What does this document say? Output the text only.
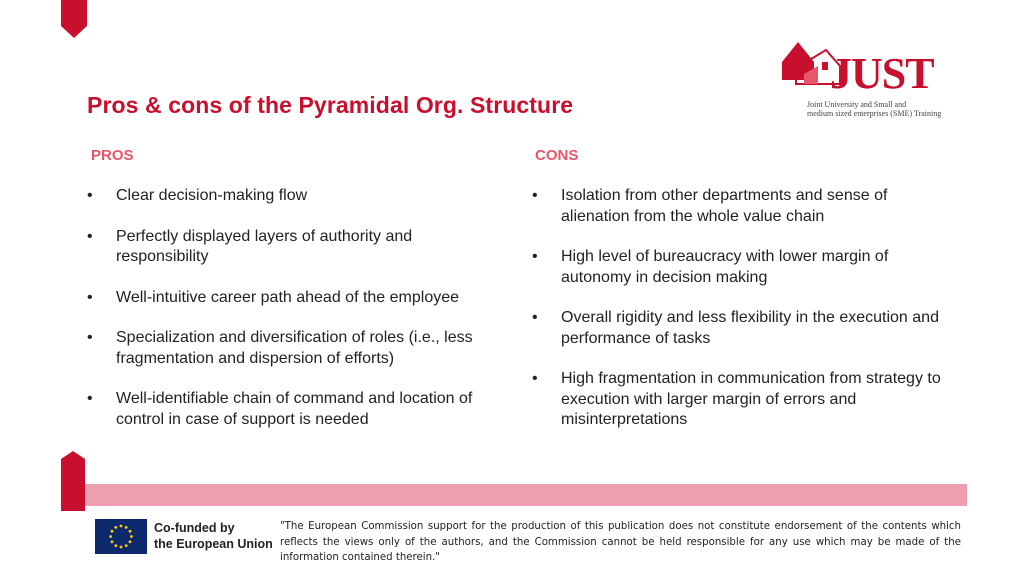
Pros & cons of the Pyramidal Org. Structure

JUST

Joint University and Small and
medium sized enterprises (SME) Training

PROS
• Clear decision-making flow
• Perfectly displayed layers of authority and responsibility
• Well-intuitive career path ahead of the employee
• Specialization and diversification of roles (i.e., less fragmentation and dispersion of efforts)
• Well-identifiable chain of command and location of control in case of support is needed
CONS
• Isolation from other departments and sense of alienation from the whole value chain
• High level of bureaucracy with lower margin of autonomy in decision making
• Overall rigidity and less flexibility in the execution and performance of tasks
• High fragmentation in communication from strategy to execution with larger margin of errors and misinterpretations

Co-funded by
the European Union

"The European Commission support for the production of this publication does not constitute endorsement of the contents which reflects the views only of the authors, and the Commission cannot be held responsible for any use which may be made of the information contained therein."
